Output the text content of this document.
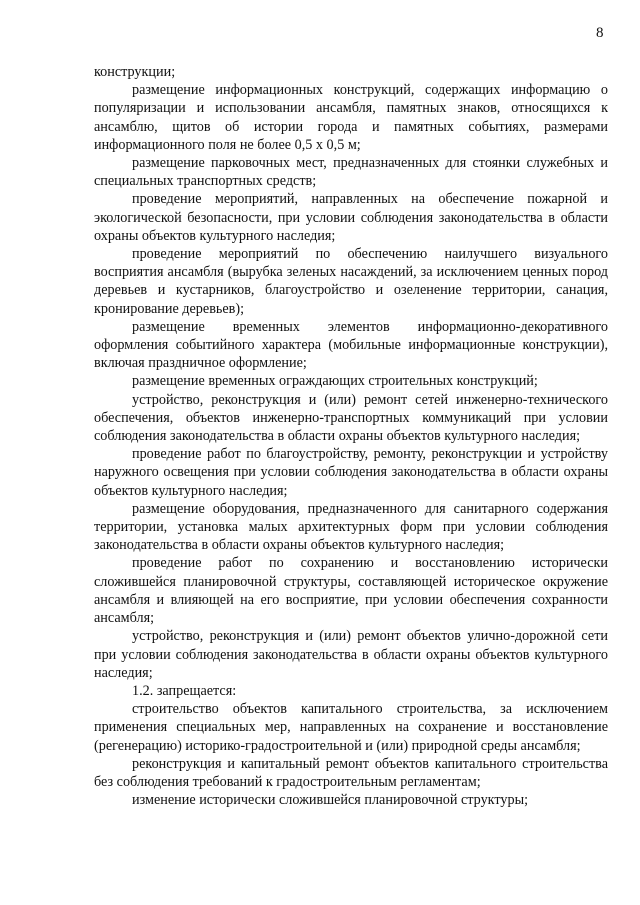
8

конструкции;

размещение информационных конструкций, содержащих информацию о популяризации и использовании ансамбля, памятных знаков, относящихся к ансамблю, щитов об истории города и памятных событиях, размерами информационного поля не более 0,5 х 0,5 м;

размещение парковочных мест, предназначенных для стоянки служебных и специальных транспортных средств;

проведение мероприятий, направленных на обеспечение пожарной и экологической безопасности, при условии соблюдения законодательства в области охраны объектов культурного наследия;

проведение мероприятий по обеспечению наилучшего визуального восприятия ансамбля (вырубка зеленых насаждений, за исключением ценных пород деревьев и кустарников, благоустройство и озеленение территории, санация, кронирование деревьев);

размещение временных элементов информационно-декоративного оформления событийного характера (мобильные информационные конструкции), включая праздничное оформление;

размещение временных ограждающих строительных конструкций;

устройство, реконструкция и (или) ремонт сетей инженерно-технического обеспечения, объектов инженерно-транспортных коммуникаций при условии соблюдения законодательства в области охраны объектов культурного наследия;

проведение работ по благоустройству, ремонту, реконструкции и устройству наружного освещения при условии соблюдения законодательства в области охраны объектов культурного наследия;

размещение оборудования, предназначенного для санитарного содержания территории, установка малых архитектурных форм при условии соблюдения законодательства в области охраны объектов культурного наследия;

проведение работ по сохранению и восстановлению исторически сложившейся планировочной структуры, составляющей историческое окружение ансамбля и влияющей на его восприятие, при условии обеспечения сохранности ансамбля;

устройство, реконструкция и (или) ремонт объектов улично-дорожной сети при условии соблюдения законодательства в области охраны объектов культурного наследия;

1.2. запрещается:

строительство объектов капитального строительства, за исключением применения специальных мер, направленных на сохранение и восстановление (регенерацию) историко-градостроительной и (или) природной среды ансамбля;

реконструкция и капитальный ремонт объектов капитального строительства без соблюдения требований к градостроительным регламентам;

изменение исторически сложившейся планировочной структуры;
